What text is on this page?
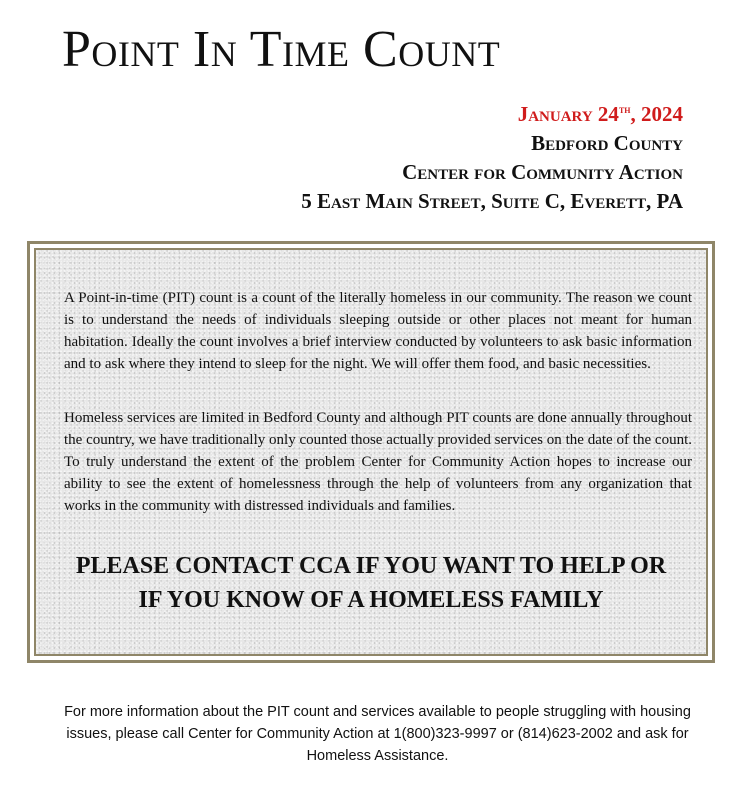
Point In Time Count
January 24th, 2024
Bedford County
Center for Community Action
5 East Main Street, Suite C, Everett, PA

A Point-in-time (PIT) count is a count of the literally homeless in our community. The reason we count is to understand the needs of individuals sleeping outside or other places not meant for human habitation. Ideally the count involves a brief interview conducted by volunteers to ask basic information and to ask where they intend to sleep for the night. We will offer them food, and basic necessities.

Homeless services are limited in Bedford County and although PIT counts are done annually throughout the country, we have traditionally only counted those actually provided services on the date of the count. To truly understand the extent of the problem Center for Community Action hopes to increase our ability to see the extent of homelessness through the help of volunteers from any organization that works in the community with distressed individuals and families.

PLEASE CONTACT CCA IF YOU WANT TO HELP OR
IF YOU KNOW OF A HOMELESS FAMILY

For more information about the PIT count and services available to people struggling with housing issues, please call Center for Community Action at 1(800)323-9997 or (814)623-2002 and ask for Homeless Assistance.
